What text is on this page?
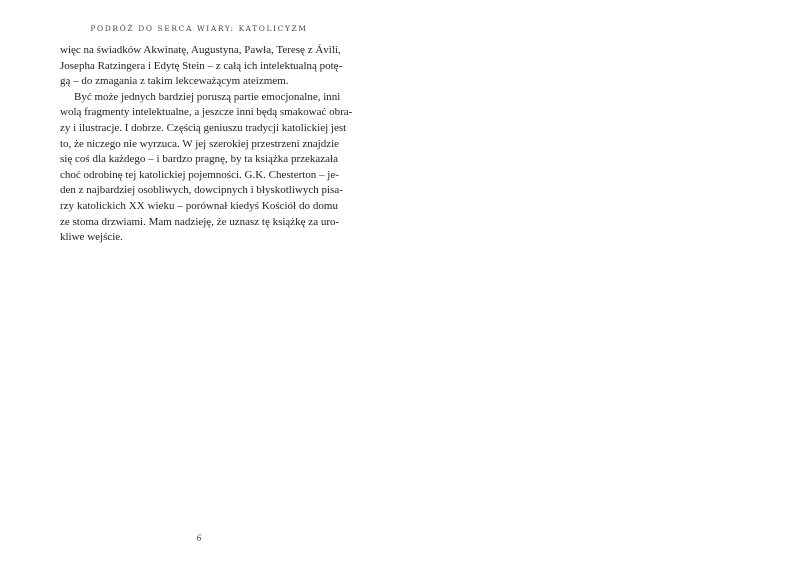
PODRÓŻ DO SERCA WIARY: KATOLICYZM
więc na świadków Akwinatę, Augustyna, Pawła, Teresę z Ávili,
Josepha Ratzingera i Edytę Stein – z całą ich intelektualną potę-
gą – do zmagania z takim lekceważącym ateizmem.
Być może jednych bardziej poruszą partie emocjonalne, inni
wolą fragmenty intelektualne, a jeszcze inni będą smakować obra-
zy i ilustracje. I dobrze. Częścią geniuszu tradycji katolickiej jest
to, że niczego nie wyrzuca. W jej szerokiej przestrzeni znajdzie
się coś dla każdego – i bardzo pragnę, by ta książka przekazała
choć odrobinę tej katolickiej pojemności. G.K. Chesterton – je-
den z najbardziej osobliwych, dowcipnych i błyskotliwych pisa-
rzy katolickich XX wieku – porównał kiedyś Kościół do domu
ze stoma drzwiami. Mam nadzieję, że uznasz tę książkę za uro-
kliwe wejście.
6
